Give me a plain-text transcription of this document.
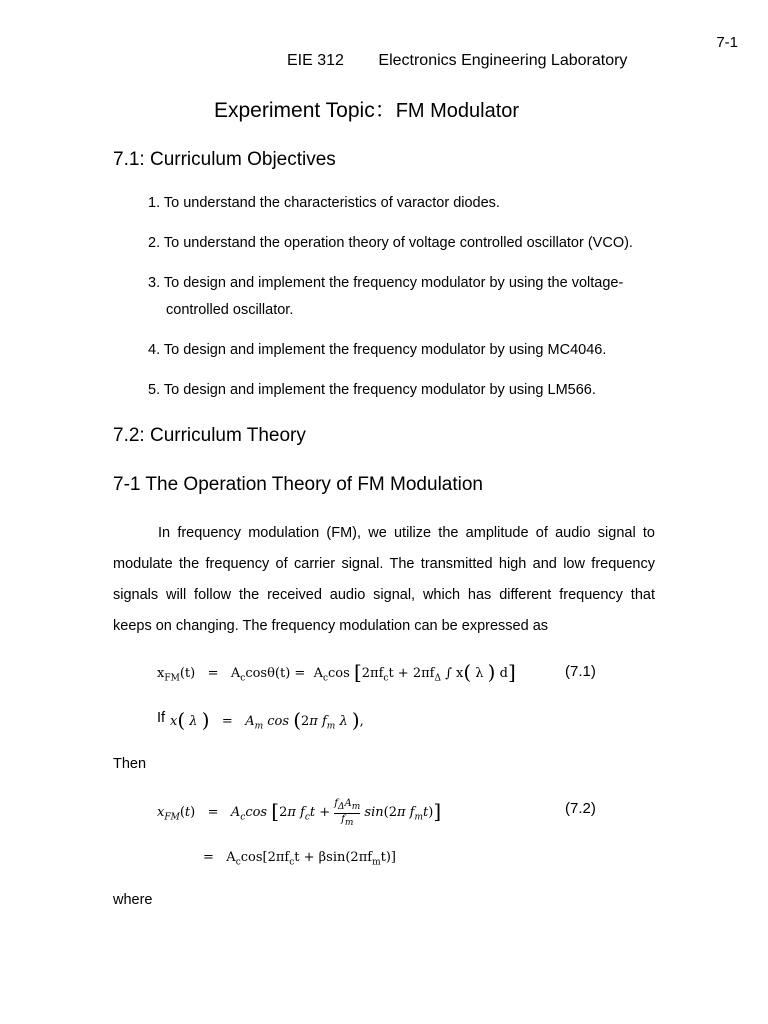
7-1
EIE 312 Electronics Engineering Laboratory
Experiment Topic：FM Modulator
7.1: Curriculum Objectives
1. To understand the characteristics of varactor diodes.
2. To understand the operation theory of voltage controlled oscillator (VCO).
3. To design and implement the frequency modulator by using the voltage-
controlled oscillator.
4. To design and implement the frequency modulator by using MC4046.
5. To design and implement the frequency modulator by using LM566.
7.2: Curriculum Theory
7-1 The Operation Theory of FM Modulation
In frequency modulation (FM), we utilize the amplitude of audio signal to modulate the frequency of carrier signal. The transmitted high and low frequency signals will follow the received audio signal, which has different frequency that keeps on changing. The frequency modulation can be expressed as
$x_{FM}(t) = A_c\cos\theta(t) = A_c\cos$ [$2\pi f_ct + 2\pi f_\Delta$ ∫ x( λ ) d]	(7.1)
If x( λ )   =   $A_m$ cos (2π $f_m$ λ ),
Then
$x_{FM}(t) = A_c\cos$ [2π $f_ct + \frac{f_\Delta A_m}{f_m} \sin(2\pi$ $f_mt$)]	(7.2)
=   $A_c\cos[2\pi f_ct + \beta\sin(2\pi f_mt)]$
where
